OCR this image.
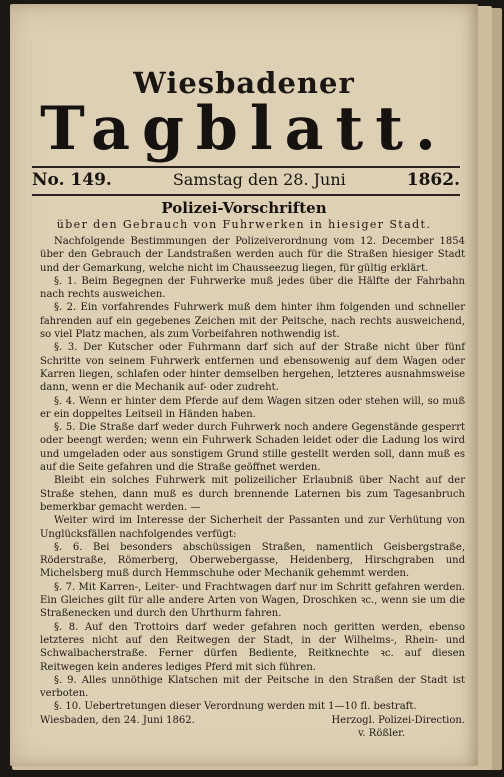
Wiesbadener
Tagblatt.
No. 149.	Samstag den 28. Juni	1862.
Polizei-Vorschriften
über den Gebrauch von Fuhrwerken in hiesiger Stadt.

Nachfolgende Bestimmungen der Polizeiverordnung vom 12. December 1854 über den Gebrauch der Landstraßen werden auch für die Straßen hiesiger Stadt und der Gemarkung, welche nicht im Chausseezug liegen, für gültig erklärt.

§. 1. Beim Begegnen der Fuhrwerke muß jedes über die Hälfte der Fahrbahn nach rechts ausweichen.

§. 2. Ein vorfahrendes Fuhrwerk muß dem hinter ihm folgenden und schneller fahrenden auf ein gegebenes Zeichen mit der Peitsche, nach rechts ausweichend, so viel Platz machen, als zum Vorbeifahren nothwendig ist.

§. 3. Der Kutscher oder Fuhrmann darf sich auf der Straße nicht über fünf Schritte von seinem Fuhrwerk entfernen und ebensowenig auf dem Wagen oder Karren liegen, schlafen oder hinter demselben hergehen, letzteres ausnahmsweise dann, wenn er die Mechanik auf- oder zudreht.

§. 4. Wenn er hinter dem Pferde auf dem Wagen sitzen oder stehen will, so muß er ein doppeltes Leitseil in Händen haben.

§. 5. Die Straße darf weder durch Fuhrwerk noch andere Gegenstände gesperrt oder beengt werden; wenn ein Fuhrwerk Schaden leidet oder die Ladung los wird und umgeladen oder aus sonstigem Grund stille gestellt werden soll, dann muß es auf die Seite gefahren und die Straße geöffnet werden.

Bleibt ein solches Fuhrwerk mit polizeilicher Erlaubniß über Nacht auf der Straße stehen, dann muß es durch brennende Laternen bis zum Tagesanbruch bemerkbar gemacht werden. —

Weiter wird im Interesse der Sicherheit der Passanten und zur Verhütung von Unglücksfällen nachfolgendes verfügt:

§. 6. Bei besonders abschüssigen Straßen, namentlich Geisbergstraße, Röderstraße, Römerberg, Oberwebergasse, Heidenberg, Hirschgraben und Michelsberg muß durch Hemmschuhe oder Mechanik gehemmt werden.

§. 7. Mit Karren-, Leiter- und Frachtwagen darf nur im Schritt gefahren werden. Ein Gleiches gilt für alle andere Arten von Wagen, Droschken ꝛc., wenn sie um die Straßenecken und durch den Uhrthurm fahren.

§. 8. Auf den Trottoirs darf weder gefahren noch geritten werden, ebenso letzteres nicht auf den Reitwegen der Stadt, in der Wilhelms-, Rhein- und Schwalbacherstraße. Ferner dürfen Bediente, Reitknechte ꝛc. auf diesen Reitwegen kein anderes lediges Pferd mit sich führen.

§. 9. Alles unnöthige Klatschen mit der Peitsche in den Straßen der Stadt ist verboten.

§. 10. Uebertretungen dieser Verordnung werden mit 1—10 fl. bestraft.

Wiesbaden, den 24. Juni 1862.	Herzogl. Polizei-Direction.
v. Rößler.
